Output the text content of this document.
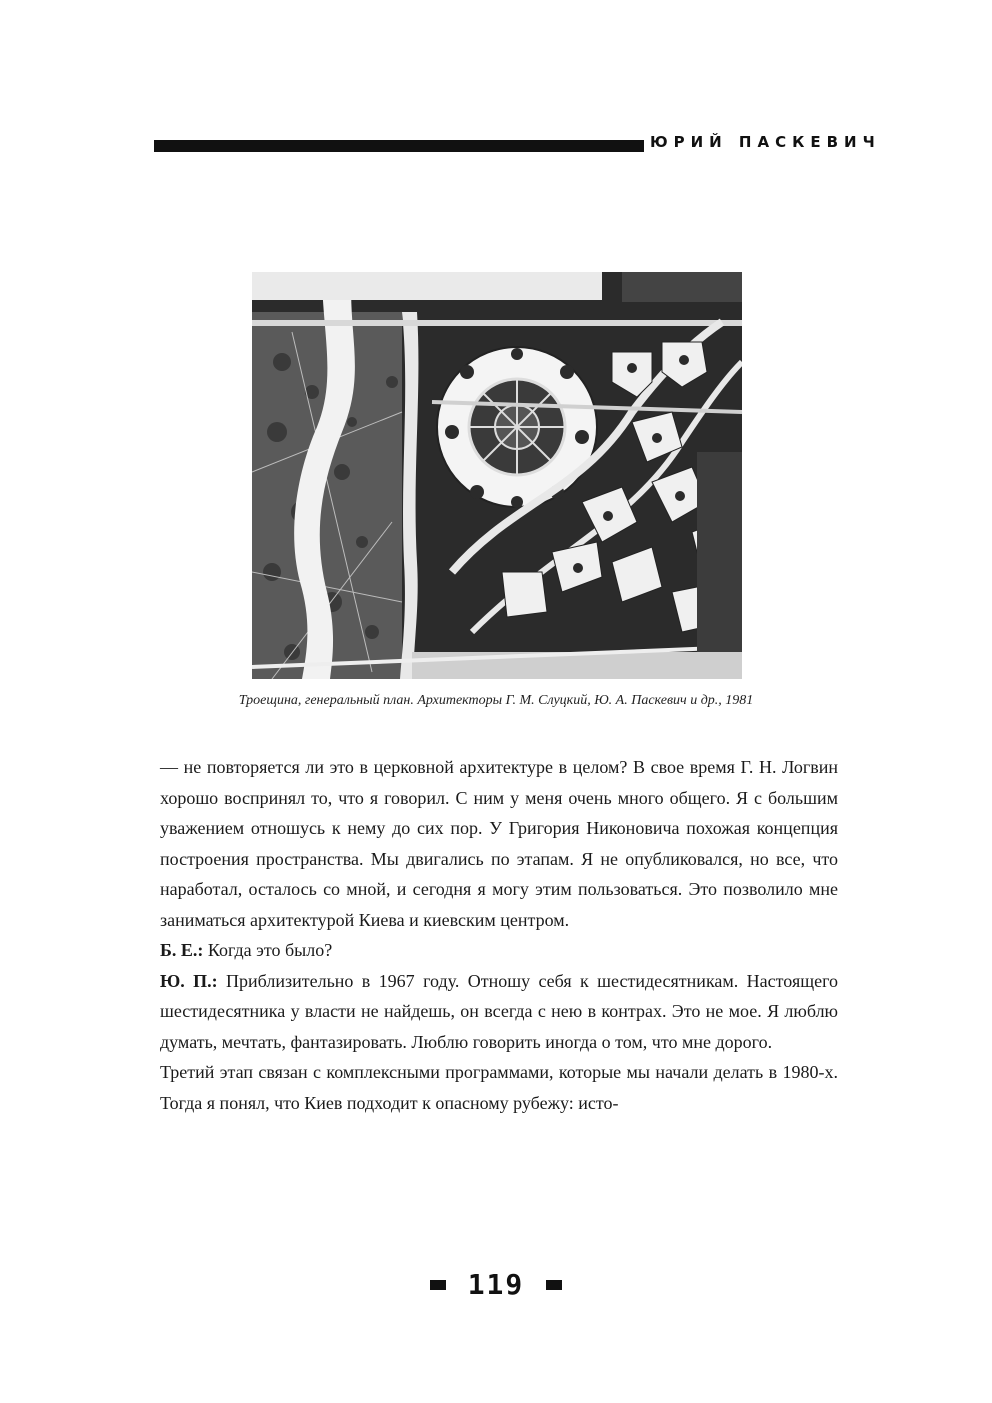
ЮРИЙ ПАСКЕВИЧ
Троещина, генеральный план. Архитекторы Г. М. Слуцкий, Ю. А. Паскевич и др., 1981

— не повторяется ли это в церковной архитектуре в целом? В свое время Г. Н. Логвин хорошо воспринял то, что я говорил. С ним у меня очень много общего. Я с большим уважением отношусь к нему до сих пор. У Григория Никоновича похожая концепция построения пространства. Мы двигались по этапам. Я не опубликовался, но все, что наработал, осталось со мной, и сегодня я могу этим пользоваться. Это позволило мне заниматься архитектурой Киева и киевским центром.

Б. Е.: Когда это было?

Ю. П.: Приблизительно в 1967 году. Отношу себя к шестидесятникам. Настоящего шестидесятника у власти не найдешь, он всегда с нею в контрах. Это не мое. Я люблю думать, мечтать, фантазировать. Люблю говорить иногда о том, что мне дорого.

Третий этап связан с комплексными программами, которые мы начали делать в 1980-х. Тогда я понял, что Киев подходит к опасному рубежу: исто-

119
